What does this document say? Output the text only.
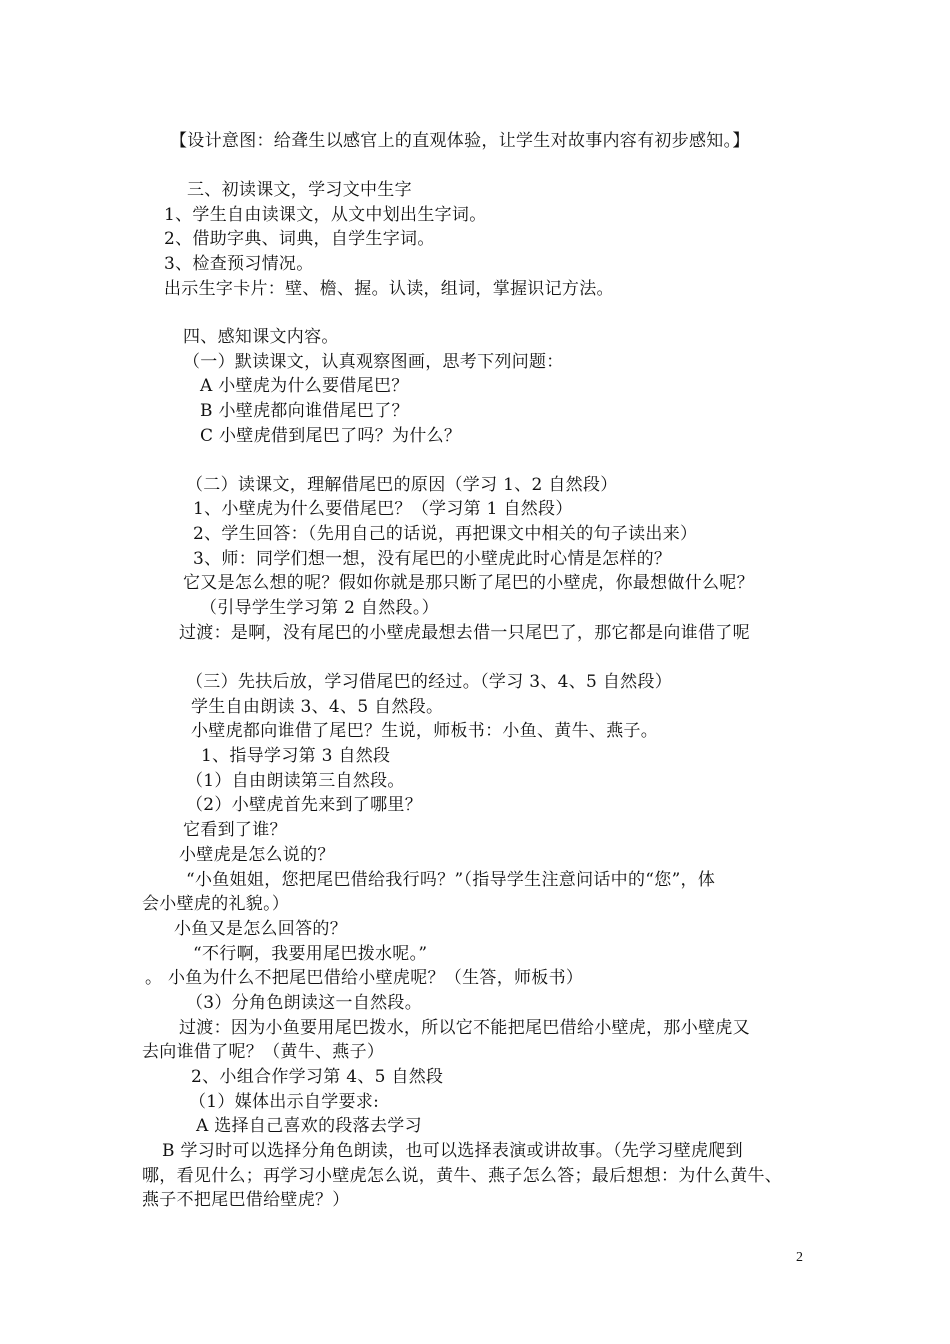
【设计意图：给聋生以感官上的直观体验，让学生对故事内容有初步感知。】
三、初读课文，学习文中生字
1、学生自由读课文，从文中划出生字词。
2、借助字典、词典，自学生字词。
3、检查预习情况。
出示生字卡片：壁、檐、握。认读，组词，掌握识记方法。
四、感知课文内容。
（一）默读课文，认真观察图画，思考下列问题：
A 小壁虎为什么要借尾巴？
B 小壁虎都向谁借尾巴了？
C 小壁虎借到尾巴了吗？为什么？
（二）读课文，理解借尾巴的原因（学习 1、2 自然段）
1、小壁虎为什么要借尾巴？（学习第 1 自然段）
2、学生回答：（先用自己的话说，再把课文中相关的句子读出来）
3、师：同学们想一想，没有尾巴的小壁虎此时心情是怎样的？
它又是怎么想的呢？假如你就是那只断了尾巴的小壁虎，你最想做什么呢？
（引导学生学习第 2 自然段。）
过渡：是啊，没有尾巴的小壁虎最想去借一只尾巴了，那它都是向谁借了呢
（三）先扶后放，学习借尾巴的经过。（学习 3、4、5 自然段）
学生自由朗读 3、4、5 自然段。
小壁虎都向谁借了尾巴？生说，师板书：小鱼、黄牛、燕子。
1、指导学习第 3 自然段
（1）自由朗读第三自然段。
（2）小壁虎首先来到了哪里？
它看到了谁？
小壁虎是怎么说的？
“小鱼姐姐，您把尾巴借给我行吗？”（指导学生注意问话中的“您”，体
会小壁虎的礼貌。）
小鱼又是怎么回答的？
“不行啊，我要用尾巴拨水呢。”
。 小鱼为什么不把尾巴借给小壁虎呢？（生答，师板书）
（3）分角色朗读这一自然段。
过渡：因为小鱼要用尾巴拨水，所以它不能把尾巴借给小壁虎，那小壁虎又
去向谁借了呢？（黄牛、燕子）
2、小组合作学习第 4、5 自然段
（1）媒体出示自学要求:
A 选择自己喜欢的段落去学习
B 学习时可以选择分角色朗读，也可以选择表演或讲故事。（先学习壁虎爬到
哪，看见什么；再学习小壁虎怎么说，黄牛、燕子怎么答；最后想想：为什么黄牛、
燕子不把尾巴借给壁虎？）
2
